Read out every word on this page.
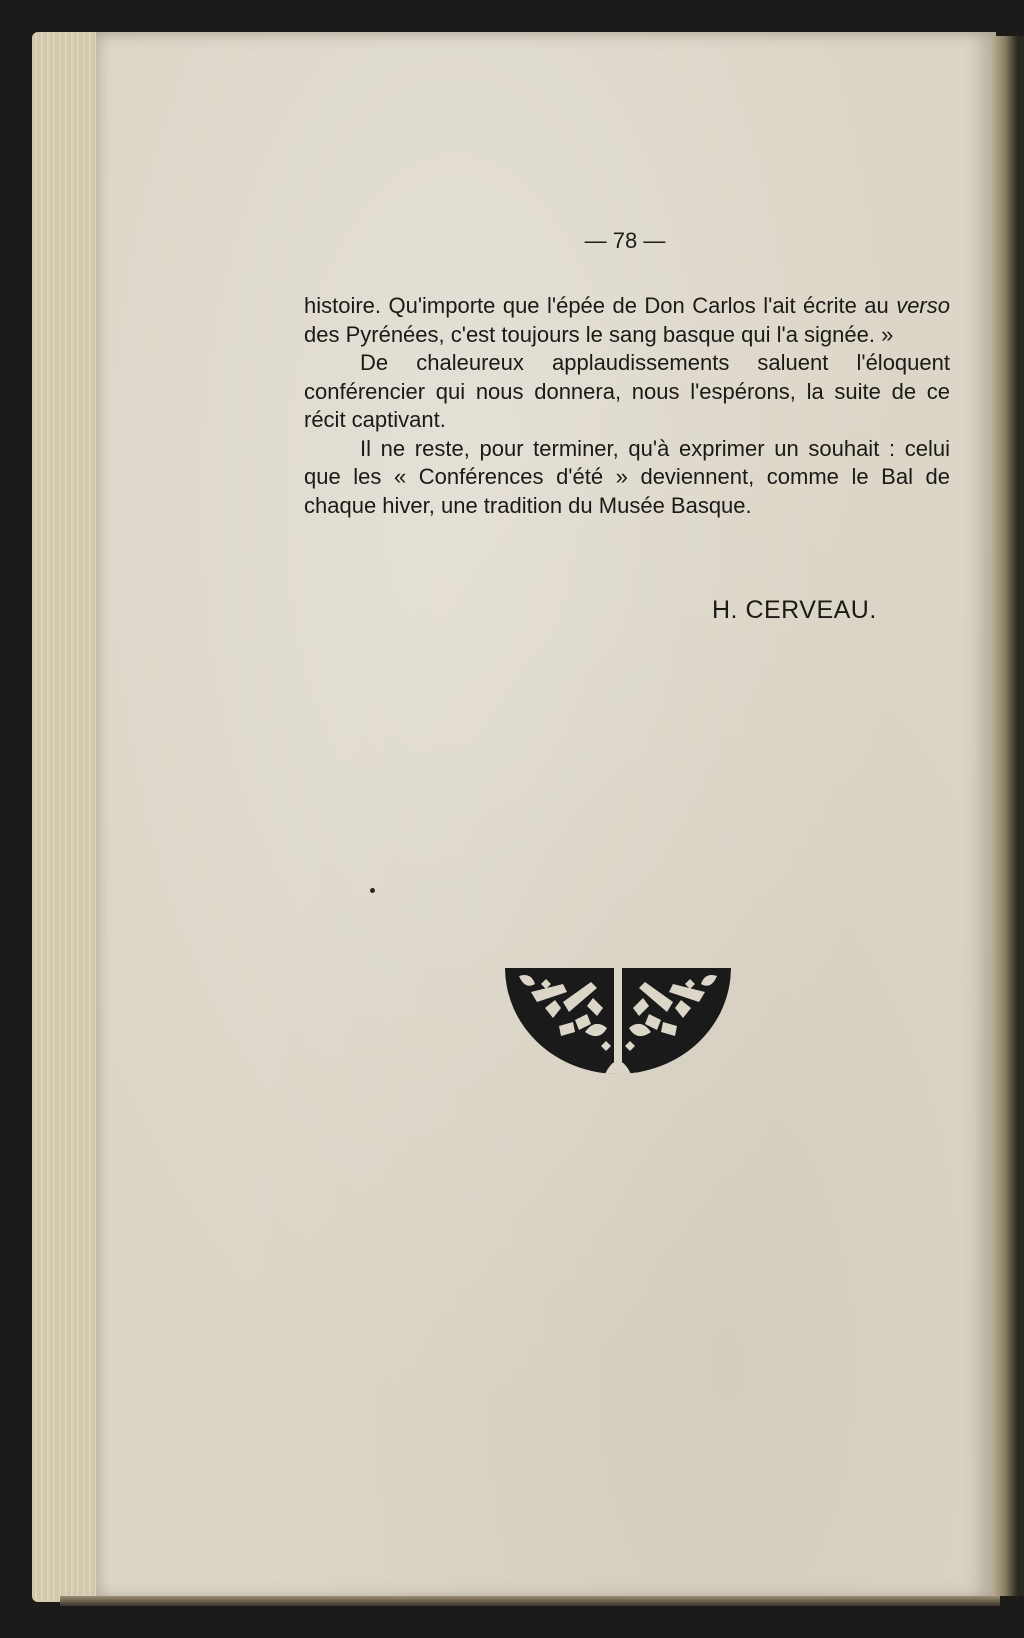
— 78 —

histoire. Qu'importe que l'épée de Don Carlos l'ait écrite au verso des Pyrénées, c'est toujours le sang basque qui l'a signée. »

De chaleureux applaudissements saluent l'éloquent conférencier qui nous donnera, nous l'espérons, la suite de ce récit captivant.

Il ne reste, pour terminer, qu'à exprimer un souhait : celui que les « Conférences d'été » deviennent, comme le Bal de chaque hiver, une tradition du Musée Basque.

H. CERVEAU.
